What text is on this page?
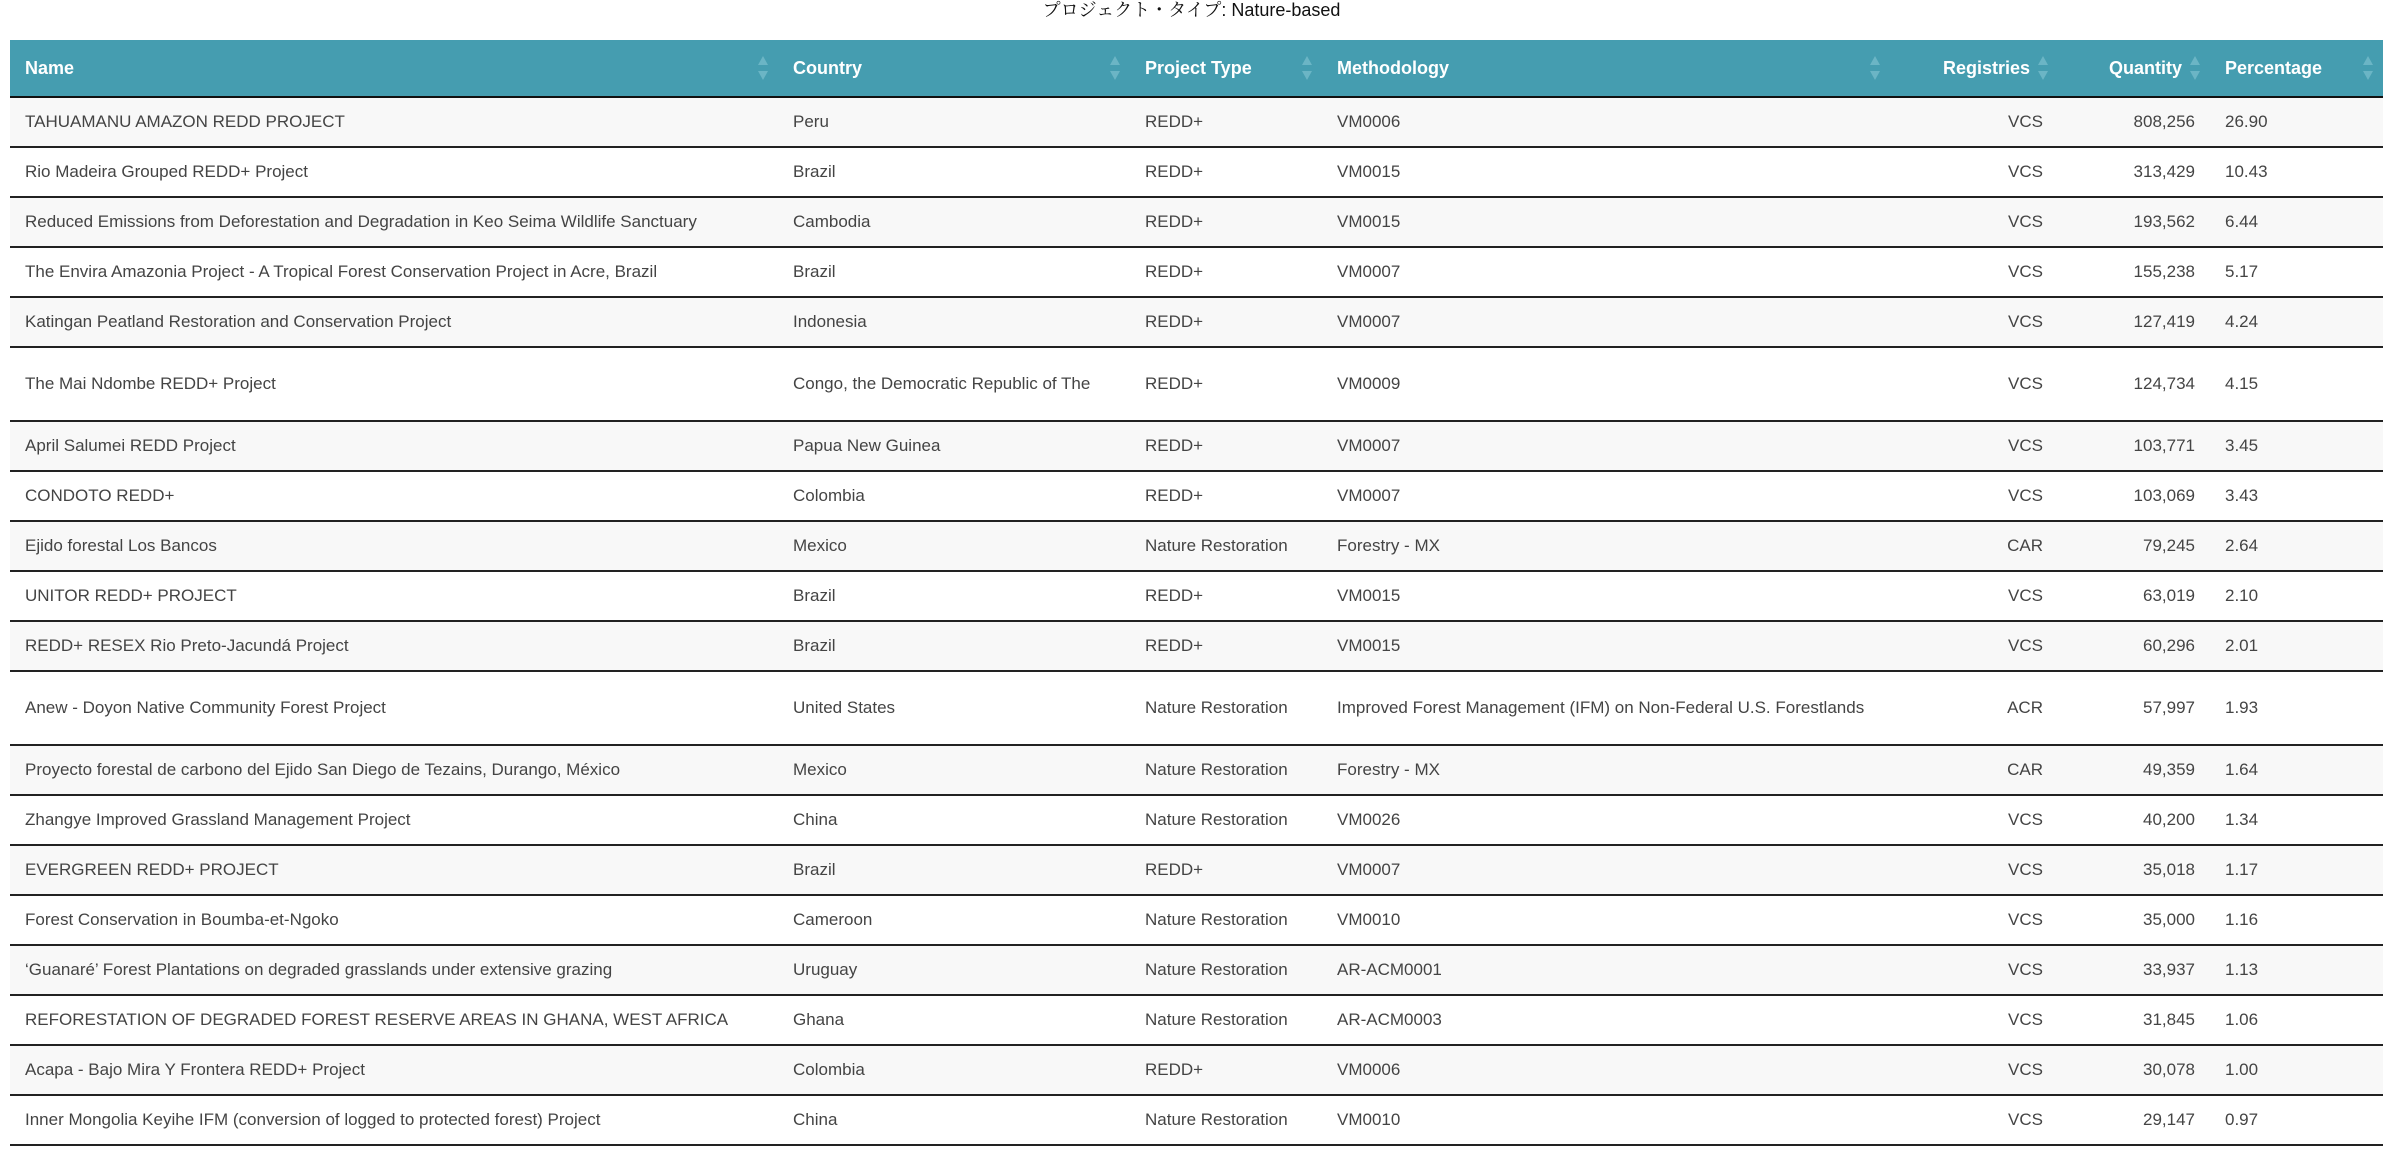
プロジェクト・タイプ: Nature-based
Name	Country	Project Type	Methodology	Registries	Quantity	Percentage

TAHUAMANU AMAZON REDD PROJECT	Peru	REDD+	VM0006	VCS	808,256	26.90
Rio Madeira Grouped REDD+ Project	Brazil	REDD+	VM0015	VCS	313,429	10.43
Reduced Emissions from Deforestation and Degradation in Keo Seima Wildlife Sanctuary	Cambodia	REDD+	VM0015	VCS	193,562	6.44
The Envira Amazonia Project - A Tropical Forest Conservation Project in Acre, Brazil	Brazil	REDD+	VM0007	VCS	155,238	5.17
Katingan Peatland Restoration and Conservation Project	Indonesia	REDD+	VM0007	VCS	127,419	4.24
The Mai Ndombe REDD+ Project	Congo, the Democratic Republic of The	REDD+	VM0009	VCS	124,734	4.15
April Salumei REDD Project	Papua New Guinea	REDD+	VM0007	VCS	103,771	3.45
CONDOTO REDD+	Colombia	REDD+	VM0007	VCS	103,069	3.43
Ejido forestal Los Bancos	Mexico	Nature Restoration	Forestry - MX	CAR	79,245	2.64
UNITOR REDD+ PROJECT	Brazil	REDD+	VM0015	VCS	63,019	2.10
REDD+ RESEX Rio Preto-Jacundá Project	Brazil	REDD+	VM0015	VCS	60,296	2.01
Anew - Doyon Native Community Forest Project	United States	Nature Restoration	Improved Forest Management (IFM) on Non-Federal U.S. Forestlands	ACR	57,997	1.93
Proyecto forestal de carbono del Ejido San Diego de Tezains, Durango, México	Mexico	Nature Restoration	Forestry - MX	CAR	49,359	1.64
Zhangye Improved Grassland Management Project	China	Nature Restoration	VM0026	VCS	40,200	1.34
EVERGREEN REDD+ PROJECT	Brazil	REDD+	VM0007	VCS	35,018	1.17
Forest Conservation in Boumba-et-Ngoko	Cameroon	Nature Restoration	VM0010	VCS	35,000	1.16
‘Guanaré’ Forest Plantations on degraded grasslands under extensive grazing	Uruguay	Nature Restoration	AR-ACM0001	VCS	33,937	1.13
REFORESTATION OF DEGRADED FOREST RESERVE AREAS IN GHANA, WEST AFRICA	Ghana	Nature Restoration	AR-ACM0003	VCS	31,845	1.06
Acapa - Bajo Mira Y Frontera REDD+ Project	Colombia	REDD+	VM0006	VCS	30,078	1.00
Inner Mongolia Keyihe IFM (conversion of logged to protected forest) Project	China	Nature Restoration	VM0010	VCS	29,147	0.97
